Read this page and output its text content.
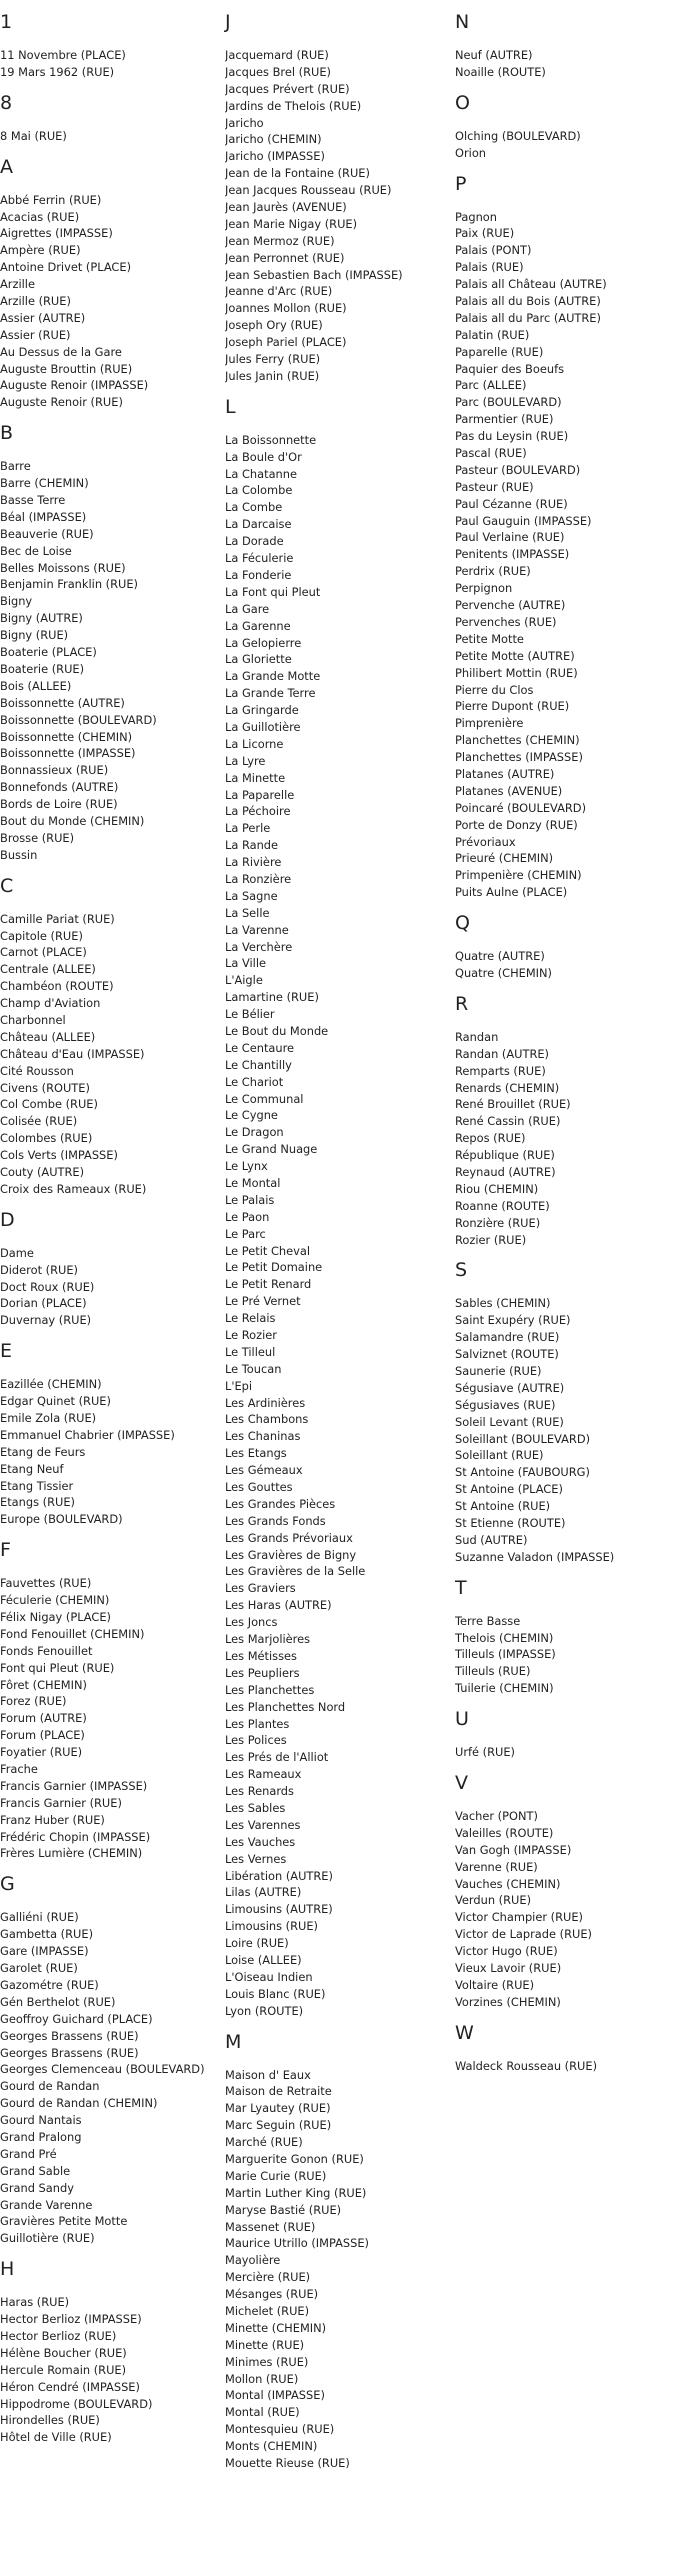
1
11 Novembre (PLACE)
19 Mars 1962 (RUE)
8
8 Mai (RUE)
A
Abbé Ferrin (RUE)
Acacias (RUE)
Aigrettes (IMPASSE)
Ampère (RUE)
Antoine Drivet (PLACE)
Arzille
Arzille (RUE)
Assier (AUTRE)
Assier (RUE)
Au Dessus de la Gare
Auguste Brouttin (RUE)
Auguste Renoir (IMPASSE)
Auguste Renoir (RUE)
B
Barre
Barre (CHEMIN)
Basse Terre
Béal (IMPASSE)
Beauverie (RUE)
Bec de Loise
Belles Moissons (RUE)
Benjamin Franklin (RUE)
Bigny
Bigny (AUTRE)
Bigny (RUE)
Boaterie (PLACE)
Boaterie (RUE)
Bois (ALLEE)
Boissonnette (AUTRE)
Boissonnette (BOULEVARD)
Boissonnette (CHEMIN)
Boissonnette (IMPASSE)
Bonnassieux (RUE)
Bonnefonds (AUTRE)
Bords de Loire (RUE)
Bout du Monde (CHEMIN)
Brosse (RUE)
Bussin
C
Camille Pariat (RUE)
Capitole (RUE)
Carnot (PLACE)
Centrale (ALLEE)
Chambéon (ROUTE)
Champ d'Aviation
Charbonnel
Château (ALLEE)
Château d'Eau (IMPASSE)
Cité Rousson
Civens (ROUTE)
Col Combe (RUE)
Colisée (RUE)
Colombes (RUE)
Cols Verts (IMPASSE)
Couty (AUTRE)
Croix des Rameaux (RUE)
D
Dame
Diderot (RUE)
Doct Roux (RUE)
Dorian (PLACE)
Duvernay (RUE)
E
Eazillée (CHEMIN)
Edgar Quinet (RUE)
Emile Zola (RUE)
Emmanuel Chabrier (IMPASSE)
Etang de Feurs
Etang Neuf
Etang Tissier
Etangs (RUE)
Europe (BOULEVARD)
F
Fauvettes (RUE)
Féculerie (CHEMIN)
Félix Nigay (PLACE)
Fond Fenouillet (CHEMIN)
Fonds Fenouillet
Font qui Pleut (RUE)
Fôret (CHEMIN)
Forez (RUE)
Forum (AUTRE)
Forum (PLACE)
Foyatier (RUE)
Frache
Francis Garnier (IMPASSE)
Francis Garnier (RUE)
Franz Huber (RUE)
Frédéric Chopin (IMPASSE)
Frères Lumière (CHEMIN)
G
Galliéni (RUE)
Gambetta (RUE)
Gare (IMPASSE)
Garolet (RUE)
Gazométre (RUE)
Gén Berthelot (RUE)
Geoffroy Guichard (PLACE)
Georges Brassens (RUE)
Georges Brassens (RUE)
Georges Clemenceau (BOULEVARD)
Gourd de Randan
Gourd de Randan (CHEMIN)
Gourd Nantais
Grand Pralong
Grand Pré
Grand Sable
Grand Sandy
Grande Varenne
Gravières Petite Motte
Guillotière (RUE)
H
Haras (RUE)
Hector Berlioz (IMPASSE)
Hector Berlioz (RUE)
Hélène Boucher (RUE)
Hercule Romain (RUE)
Héron Cendré (IMPASSE)
Hippodrome (BOULEVARD)
Hirondelles (RUE)
Hôtel de Ville (RUE)
J
Jacquemard (RUE)
Jacques Brel (RUE)
Jacques Prévert (RUE)
Jardins de Thelois (RUE)
Jaricho
Jaricho (CHEMIN)
Jaricho (IMPASSE)
Jean de la Fontaine (RUE)
Jean Jacques Rousseau (RUE)
Jean Jaurès (AVENUE)
Jean Marie Nigay (RUE)
Jean Mermoz (RUE)
Jean Perronnet (RUE)
Jean Sebastien Bach (IMPASSE)
Jeanne d'Arc (RUE)
Joannes Mollon (RUE)
Joseph Ory (RUE)
Joseph Pariel (PLACE)
Jules Ferry (RUE)
Jules Janin (RUE)
L
La Boissonnette
La Boule d'Or
La Chatanne
La Colombe
La Combe
La Darcaise
La Dorade
La Féculerie
La Fonderie
La Font qui Pleut
La Gare
La Garenne
La Gelopierre
La Gloriette
La Grande Motte
La Grande Terre
La Gringarde
La Guillotière
La Licorne
La Lyre
La Minette
La Paparelle
La Péchoire
La Perle
La Rande
La Rivière
La Ronzière
La Sagne
La Selle
La Varenne
La Verchère
La Ville
L'Aigle
Lamartine (RUE)
Le Bélier
Le Bout du Monde
Le Centaure
Le Chantilly
Le Chariot
Le Communal
Le Cygne
Le Dragon
Le Grand Nuage
Le Lynx
Le Montal
Le Palais
Le Paon
Le Parc
Le Petit Cheval
Le Petit Domaine
Le Petit Renard
Le Pré Vernet
Le Relais
Le Rozier
Le Tilleul
Le Toucan
L'Epi
Les Ardinières
Les Chambons
Les Chaninas
Les Etangs
Les Gémeaux
Les Gouttes
Les Grandes Pièces
Les Grands Fonds
Les Grands Prévoriaux
Les Gravières de Bigny
Les Gravières de la Selle
Les Graviers
Les Haras (AUTRE)
Les Joncs
Les Marjolières
Les Métisses
Les Peupliers
Les Planchettes
Les Planchettes Nord
Les Plantes
Les Polices
Les Prés de l'Alliot
Les Rameaux
Les Renards
Les Sables
Les Varennes
Les Vauches
Les Vernes
Libération (AUTRE)
Lilas (AUTRE)
Limousins (AUTRE)
Limousins (RUE)
Loire (RUE)
Loise (ALLEE)
L'Oiseau Indien
Louis Blanc (RUE)
Lyon (ROUTE)
M
Maison d' Eaux
Maison de Retraite
Mar Lyautey (RUE)
Marc Seguin (RUE)
Marché (RUE)
Marguerite Gonon (RUE)
Marie Curie (RUE)
Martin Luther King (RUE)
Maryse Bastié (RUE)
Massenet (RUE)
Maurice Utrillo (IMPASSE)
Mayolière
Mercière (RUE)
Mésanges (RUE)
Michelet (RUE)
Minette (CHEMIN)
Minette (RUE)
Minimes (RUE)
Mollon (RUE)
Montal (IMPASSE)
Montal (RUE)
Montesquieu (RUE)
Monts (CHEMIN)
Mouette Rieuse (RUE)
N
Neuf (AUTRE)
Noaille (ROUTE)
O
Olching (BOULEVARD)
Orion
P
Pagnon
Paix (RUE)
Palais (PONT)
Palais (RUE)
Palais all Château (AUTRE)
Palais all du Bois (AUTRE)
Palais all du Parc (AUTRE)
Palatin (RUE)
Paparelle (RUE)
Paquier des Boeufs
Parc (ALLEE)
Parc (BOULEVARD)
Parmentier (RUE)
Pas du Leysin (RUE)
Pascal (RUE)
Pasteur (BOULEVARD)
Pasteur (RUE)
Paul Cézanne (RUE)
Paul Gauguin (IMPASSE)
Paul Verlaine (RUE)
Penitents (IMPASSE)
Perdrix (RUE)
Perpignon
Pervenche (AUTRE)
Pervenches (RUE)
Petite Motte
Petite Motte (AUTRE)
Philibert Mottin (RUE)
Pierre du Clos
Pierre Dupont (RUE)
Pimprenière
Planchettes (CHEMIN)
Planchettes (IMPASSE)
Platanes (AUTRE)
Platanes (AVENUE)
Poincaré (BOULEVARD)
Porte de Donzy (RUE)
Prévoriaux
Prieuré (CHEMIN)
Primpenière (CHEMIN)
Puits Aulne (PLACE)
Q
Quatre (AUTRE)
Quatre (CHEMIN)
R
Randan
Randan (AUTRE)
Remparts (RUE)
Renards (CHEMIN)
René Brouillet (RUE)
René Cassin (RUE)
Repos (RUE)
République (RUE)
Reynaud (AUTRE)
Riou (CHEMIN)
Roanne (ROUTE)
Ronzière (RUE)
Rozier (RUE)
S
Sables (CHEMIN)
Saint Exupéry (RUE)
Salamandre (RUE)
Salviznet (ROUTE)
Saunerie (RUE)
Ségusiave (AUTRE)
Ségusiaves (RUE)
Soleil Levant (RUE)
Soleillant (BOULEVARD)
Soleillant (RUE)
St Antoine (FAUBOURG)
St Antoine (PLACE)
St Antoine (RUE)
St Etienne (ROUTE)
Sud (AUTRE)
Suzanne Valadon (IMPASSE)
T
Terre Basse
Thelois (CHEMIN)
Tilleuls (IMPASSE)
Tilleuls (RUE)
Tuilerie (CHEMIN)
U
Urfé (RUE)
V
Vacher (PONT)
Valeilles (ROUTE)
Van Gogh (IMPASSE)
Varenne (RUE)
Vauches (CHEMIN)
Verdun (RUE)
Victor Champier (RUE)
Victor de Laprade (RUE)
Victor Hugo (RUE)
Vieux Lavoir (RUE)
Voltaire (RUE)
Vorzines (CHEMIN)
W
Waldeck Rousseau (RUE)
